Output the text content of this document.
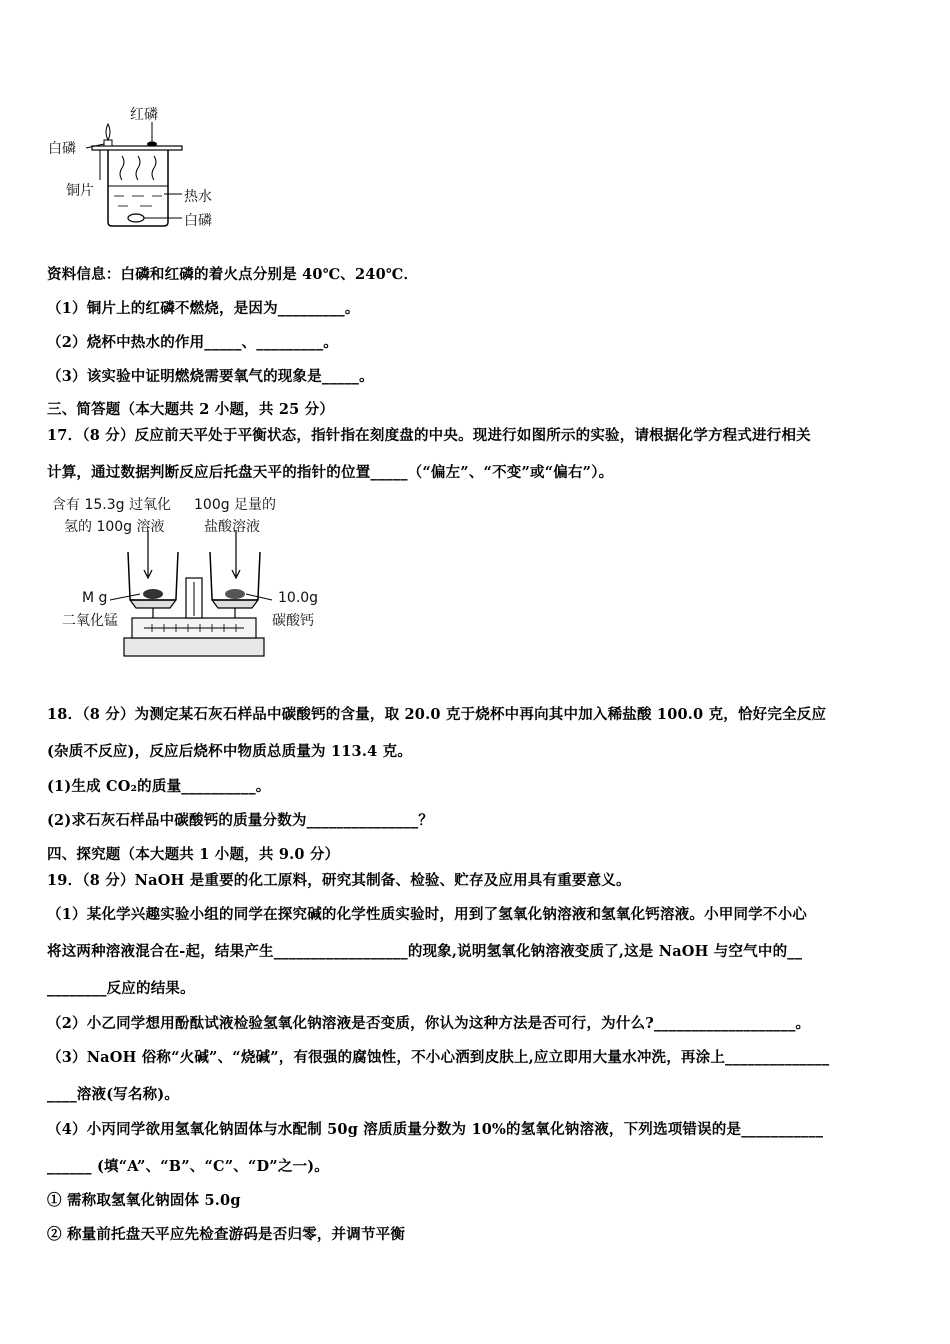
红磷
白磷
铜片	热水
白磷
资料信息：白磷和红磷的着火点分别是 40℃、240℃．
（1）铜片上的红磷不燃烧，是因为_________。
（2）烧杯中热水的作用_____、_________。
（3）该实验中证明燃烧需要氧气的现象是_____。
三、简答题（本大题共 2 小题，共 25 分）
17．（8 分）反应前天平处于平衡状态，指针指在刻度盘的中央。现进行如图所示的实验，请根据化学方程式进行相关
计算，通过数据判断反应后托盘天平的指针的位置_____（“偏左”、“不变”或“偏右”）。
含有 15.3g 过氧化
氢的 100g 溶液
100g 足量的
盐酸溶液
M g
二氧化锰
10.0g
碳酸钙
18．（8 分）为测定某石灰石样品中碳酸钙的含量，取 20.0 克于烧杯中再向其中加入稀盐酸 100.0 克，恰好完全反应
(杂质不反应)，反应后烧杯中物质总质量为 113.4 克。
(1)生成 CO₂的质量__________。
(2)求石灰石样品中碳酸钙的质量分数为_______________？
四、探究题（本大题共 1 小题，共 9.0 分）
19．（8 分）NaOH 是重要的化工原料，研究其制备、检验、贮存及应用具有重要意义。
（1）某化学兴趣实验小组的同学在探究碱的化学性质实验时，用到了氢氧化钠溶液和氢氧化钙溶液。小甲同学不小心
将这两种溶液混合在-起，结果产生__________________的现象,说明氢氧化钠溶液变质了,这是 NaOH 与空气中的__
________反应的结果。
（2）小乙同学想用酚酞试液检验氢氧化钠溶液是否变质，你认为这种方法是否可行，为什么?___________________。
（3）NaOH 俗称“火碱”、“烧碱”，有很强的腐蚀性，不小心洒到皮肤上,应立即用大量水冲洗，再涂上______________
____溶液(写名称)。
（4）小丙同学欲用氢氧化钠固体与水配制 50g 溶质质量分数为 10%的氢氧化钠溶液，下列选项错误的是___________
______ (填“A”、“B”、“C”、“D”之一)。
① 需称取氢氧化钠固体 5.0g
② 称量前托盘天平应先检查游码是否归零，并调节平衡
